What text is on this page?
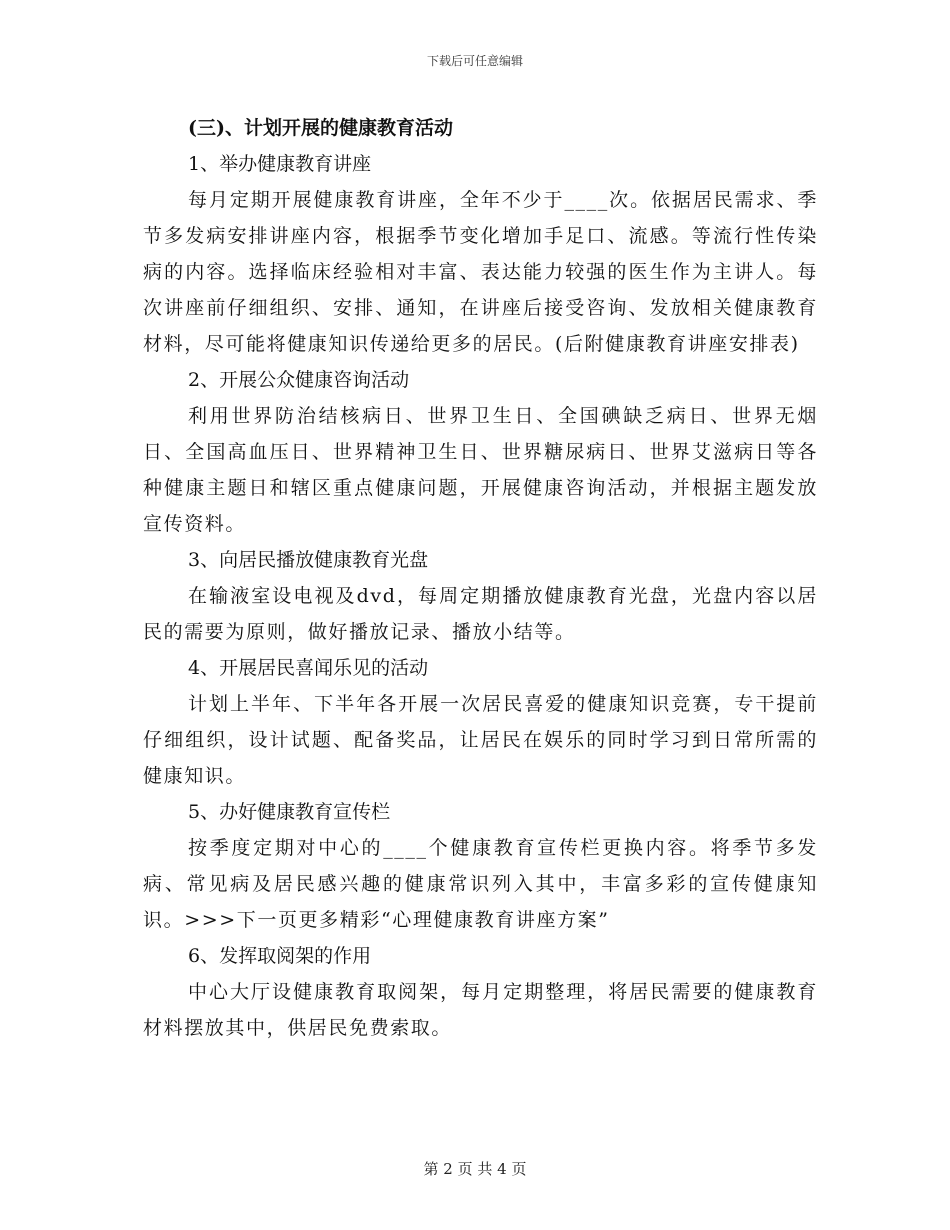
下载后可任意编辑
(三)、计划开展的健康教育活动
1、举办健康教育讲座

每月定期开展健康教育讲座，全年不少于____次。依据居民需求、季节多发病安排讲座内容，根据季节变化增加手足口、流感。等流行性传染病的内容。选择临床经验相对丰富、表达能力较强的医生作为主讲人。每次讲座前仔细组织、安排、通知，在讲座后接受咨询、发放相关健康教育材料，尽可能将健康知识传递给更多的居民。(后附健康教育讲座安排表)

2、开展公众健康咨询活动

利用世界防治结核病日、世界卫生日、全国碘缺乏病日、世界无烟日、全国高血压日、世界精神卫生日、世界糖尿病日、世界艾滋病日等各种健康主题日和辖区重点健康问题，开展健康咨询活动，并根据主题发放宣传资料。

3、向居民播放健康教育光盘

在输液室设电视及dvd，每周定期播放健康教育光盘，光盘内容以居民的需要为原则，做好播放记录、播放小结等。

4、开展居民喜闻乐见的活动

计划上半年、下半年各开展一次居民喜爱的健康知识竞赛，专干提前仔细组织，设计试题、配备奖品，让居民在娱乐的同时学习到日常所需的健康知识。

5、办好健康教育宣传栏

按季度定期对中心的____个健康教育宣传栏更换内容。将季节多发病、常见病及居民感兴趣的健康常识列入其中，丰富多彩的宣传健康知识。>>>下一页更多精彩“心理健康教育讲座方案”

6、发挥取阅架的作用

中心大厅设健康教育取阅架，每月定期整理，将居民需要的健康教育材料摆放其中，供居民免费索取。

第 2 页 共 4 页
